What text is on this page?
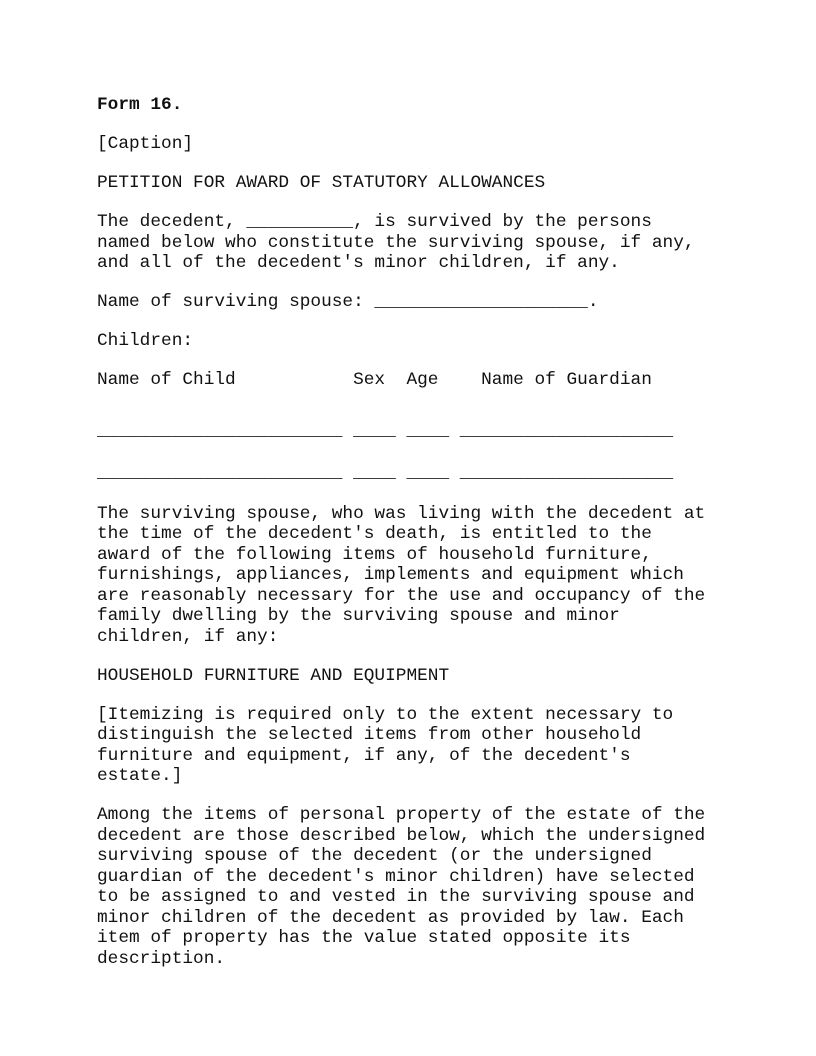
Form 16.
[Caption]
PETITION FOR AWARD OF STATUTORY ALLOWANCES
The decedent, __________, is survived by the persons
named below who constitute the surviving spouse, if any,
and all of the decedent's minor children, if any.
Name of surviving spouse: ____________________.
Children:
Name of Child           Sex  Age    Name of Guardian
_______________________ ____ ____ ____________________
_______________________ ____ ____ ____________________
The surviving spouse, who was living with the decedent at
the time of the decedent's death, is entitled to the
award of the following items of household furniture,
furnishings, appliances, implements and equipment which
are reasonably necessary for the use and occupancy of the
family dwelling by the surviving spouse and minor
children, if any:
HOUSEHOLD FURNITURE AND EQUIPMENT
[Itemizing is required only to the extent necessary to
distinguish the selected items from other household
furniture and equipment, if any, of the decedent's
estate.]
Among the items of personal property of the estate of the
decedent are those described below, which the undersigned
surviving spouse of the decedent (or the undersigned
guardian of the decedent's minor children) have selected
to be assigned to and vested in the surviving spouse and
minor children of the decedent as provided by law. Each
item of property has the value stated opposite its
description.
